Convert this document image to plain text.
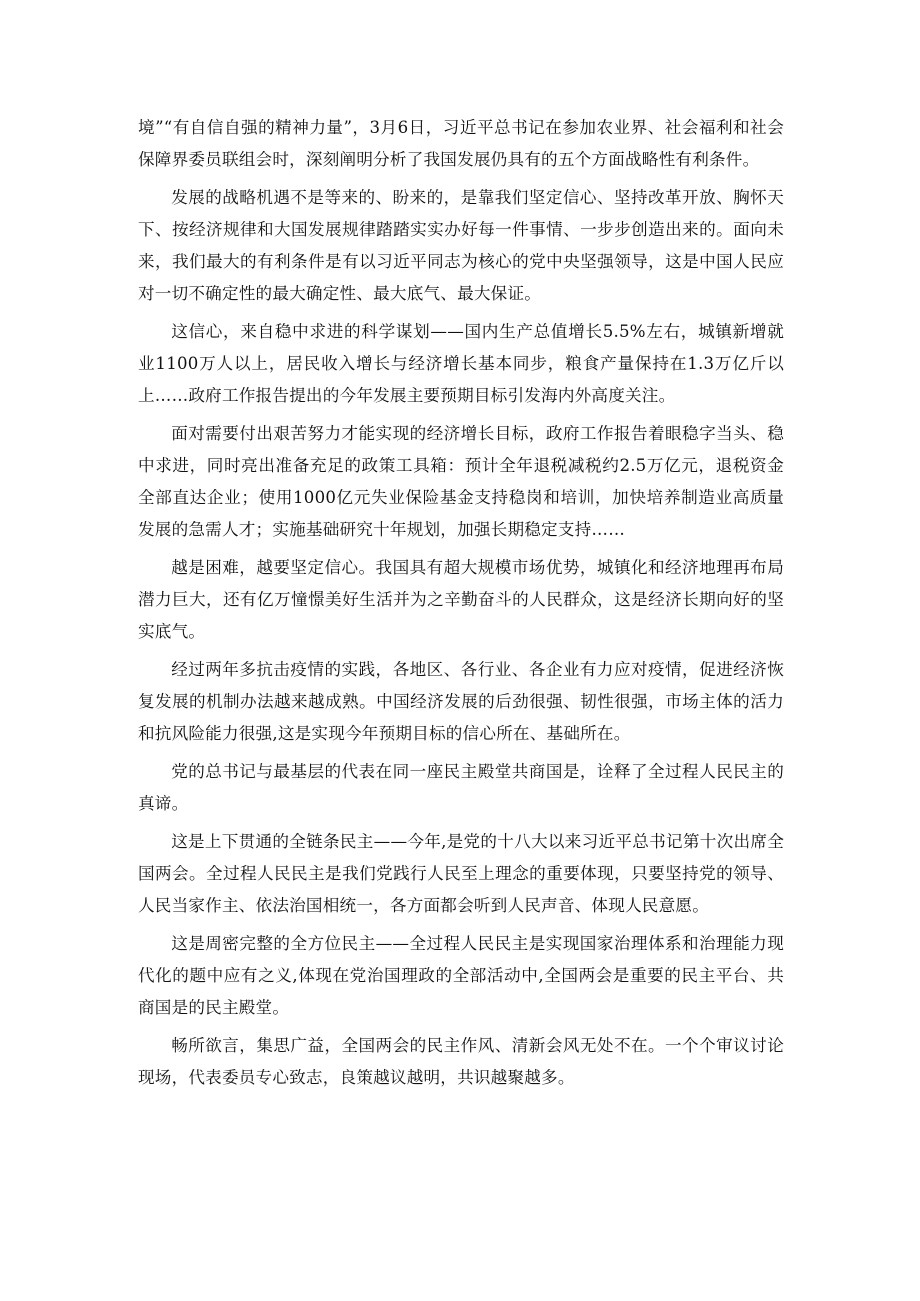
境”“有自信自强的精神力量”，3月6日，习近平总书记在参加农业界、社会福利和社会保障界委员联组会时，深刻阐明分析了我国发展仍具有的五个方面战略性有利条件。

发展的战略机遇不是等来的、盼来的，是靠我们坚定信心、坚持改革开放、胸怀天下、按经济规律和大国发展规律踏踏实实办好每一件事情、一步步创造出来的。面向未来，我们最大的有利条件是有以习近平同志为核心的党中央坚强领导，这是中国人民应对一切不确定性的最大确定性、最大底气、最大保证。

这信心，来自稳中求进的科学谋划——国内生产总值增长5.5%左右，城镇新增就业1100万人以上，居民收入增长与经济增长基本同步，粮食产量保持在1.3万亿斤以上……政府工作报告提出的今年发展主要预期目标引发海内外高度关注。

面对需要付出艰苦努力才能实现的经济增长目标，政府工作报告着眼稳字当头、稳中求进，同时亮出准备充足的政策工具箱：预计全年退税减税约2.5万亿元，退税资金全部直达企业；使用1000亿元失业保险基金支持稳岗和培训，加快培养制造业高质量发展的急需人才；实施基础研究十年规划，加强长期稳定支持……

越是困难，越要坚定信心。我国具有超大规模市场优势，城镇化和经济地理再布局潜力巨大，还有亿万憧憬美好生活并为之辛勤奋斗的人民群众，这是经济长期向好的坚实底气。

经过两年多抗击疫情的实践，各地区、各行业、各企业有力应对疫情，促进经济恢复发展的机制办法越来越成熟。中国经济发展的后劲很强、韧性很强，市场主体的活力和抗风险能力很强,这是实现今年预期目标的信心所在、基础所在。

党的总书记与最基层的代表在同一座民主殿堂共商国是，诠释了全过程人民民主的真谛。

这是上下贯通的全链条民主——今年,是党的十八大以来习近平总书记第十次出席全国两会。全过程人民民主是我们党践行人民至上理念的重要体现，只要坚持党的领导、人民当家作主、依法治国相统一，各方面都会听到人民声音、体现人民意愿。

这是周密完整的全方位民主——全过程人民民主是实现国家治理体系和治理能力现代化的题中应有之义,体现在党治国理政的全部活动中,全国两会是重要的民主平台、共商国是的民主殿堂。

畅所欲言，集思广益，全国两会的民主作风、清新会风无处不在。一个个审议讨论现场，代表委员专心致志，良策越议越明，共识越聚越多。
